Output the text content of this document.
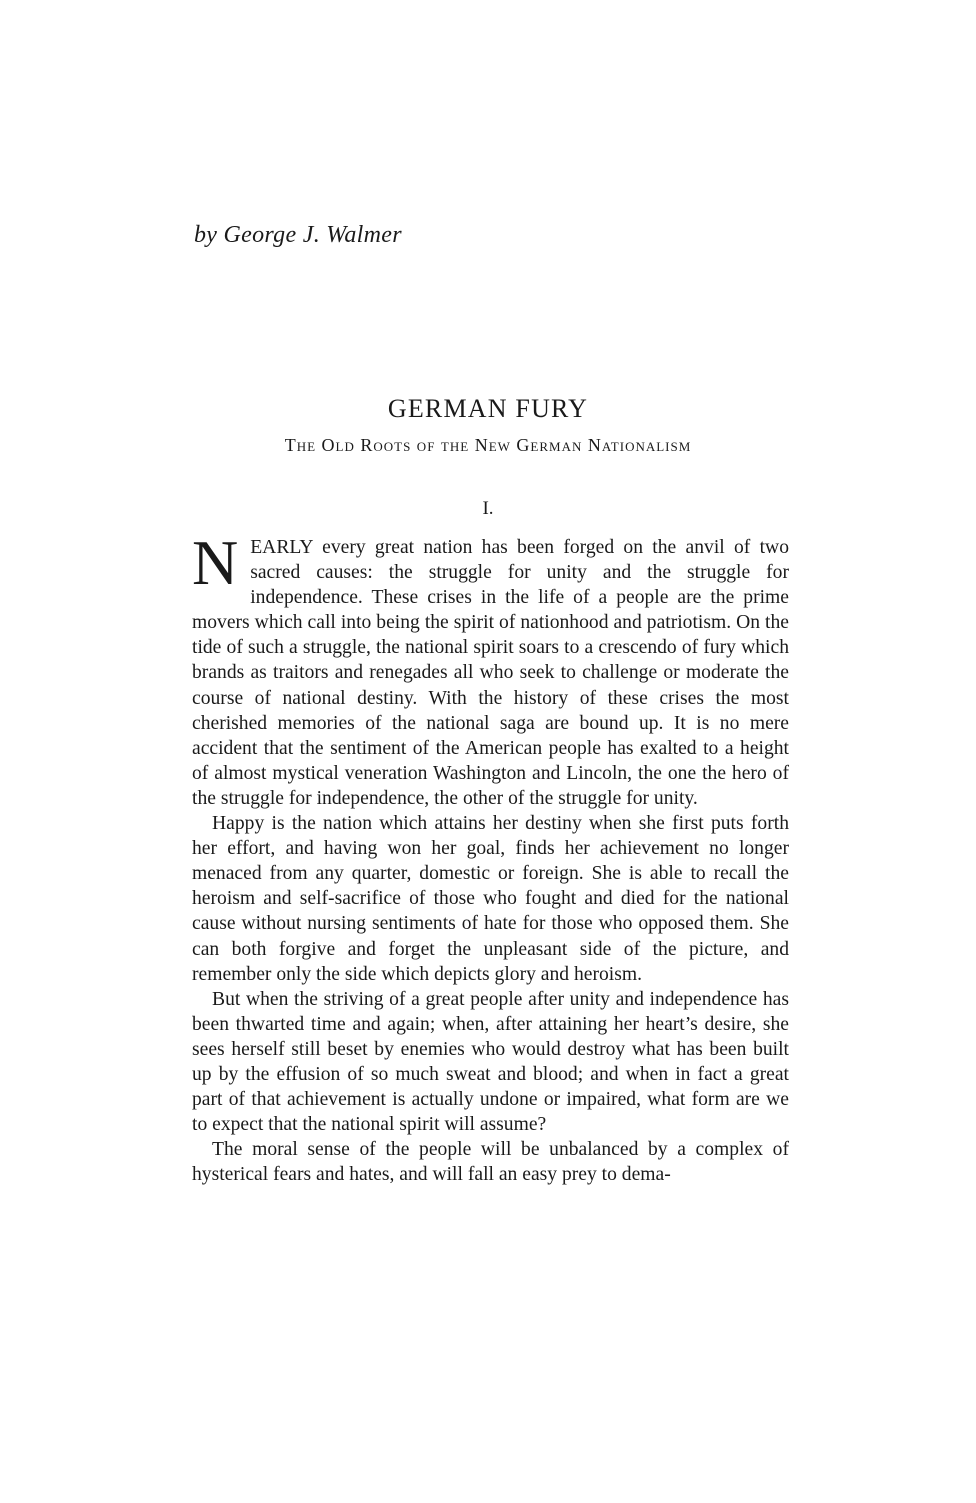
by George J. Walmer
GERMAN FURY
The Old Roots of the New German Nationalism
I.

NEARLY every great nation has been forged on the anvil of two sacred causes: the struggle for unity and the struggle for independence. These crises in the life of a people are the prime movers which call into being the spirit of nationhood and patriotism. On the tide of such a struggle, the national spirit soars to a crescendo of fury which brands as traitors and renegades all who seek to challenge or moderate the course of national destiny. With the history of these crises the most cherished memories of the national saga are bound up. It is no mere accident that the sentiment of the American people has exalted to a height of almost mystical veneration Washington and Lincoln, the one the hero of the struggle for independence, the other of the struggle for unity.

Happy is the nation which attains her destiny when she first puts forth her effort, and having won her goal, finds her achievement no longer menaced from any quarter, domestic or foreign. She is able to recall the heroism and self-sacrifice of those who fought and died for the national cause without nursing sentiments of hate for those who opposed them. She can both forgive and forget the unpleasant side of the picture, and remember only the side which depicts glory and heroism.

But when the striving of a great people after unity and independence has been thwarted time and again; when, after attaining her heart’s desire, she sees herself still beset by enemies who would destroy what has been built up by the effusion of so much sweat and blood; and when in fact a great part of that achievement is actually undone or impaired, what form are we to expect that the national spirit will assume?

The moral sense of the people will be unbalanced by a complex of hysterical fears and hates, and will fall an easy prey to dema-
